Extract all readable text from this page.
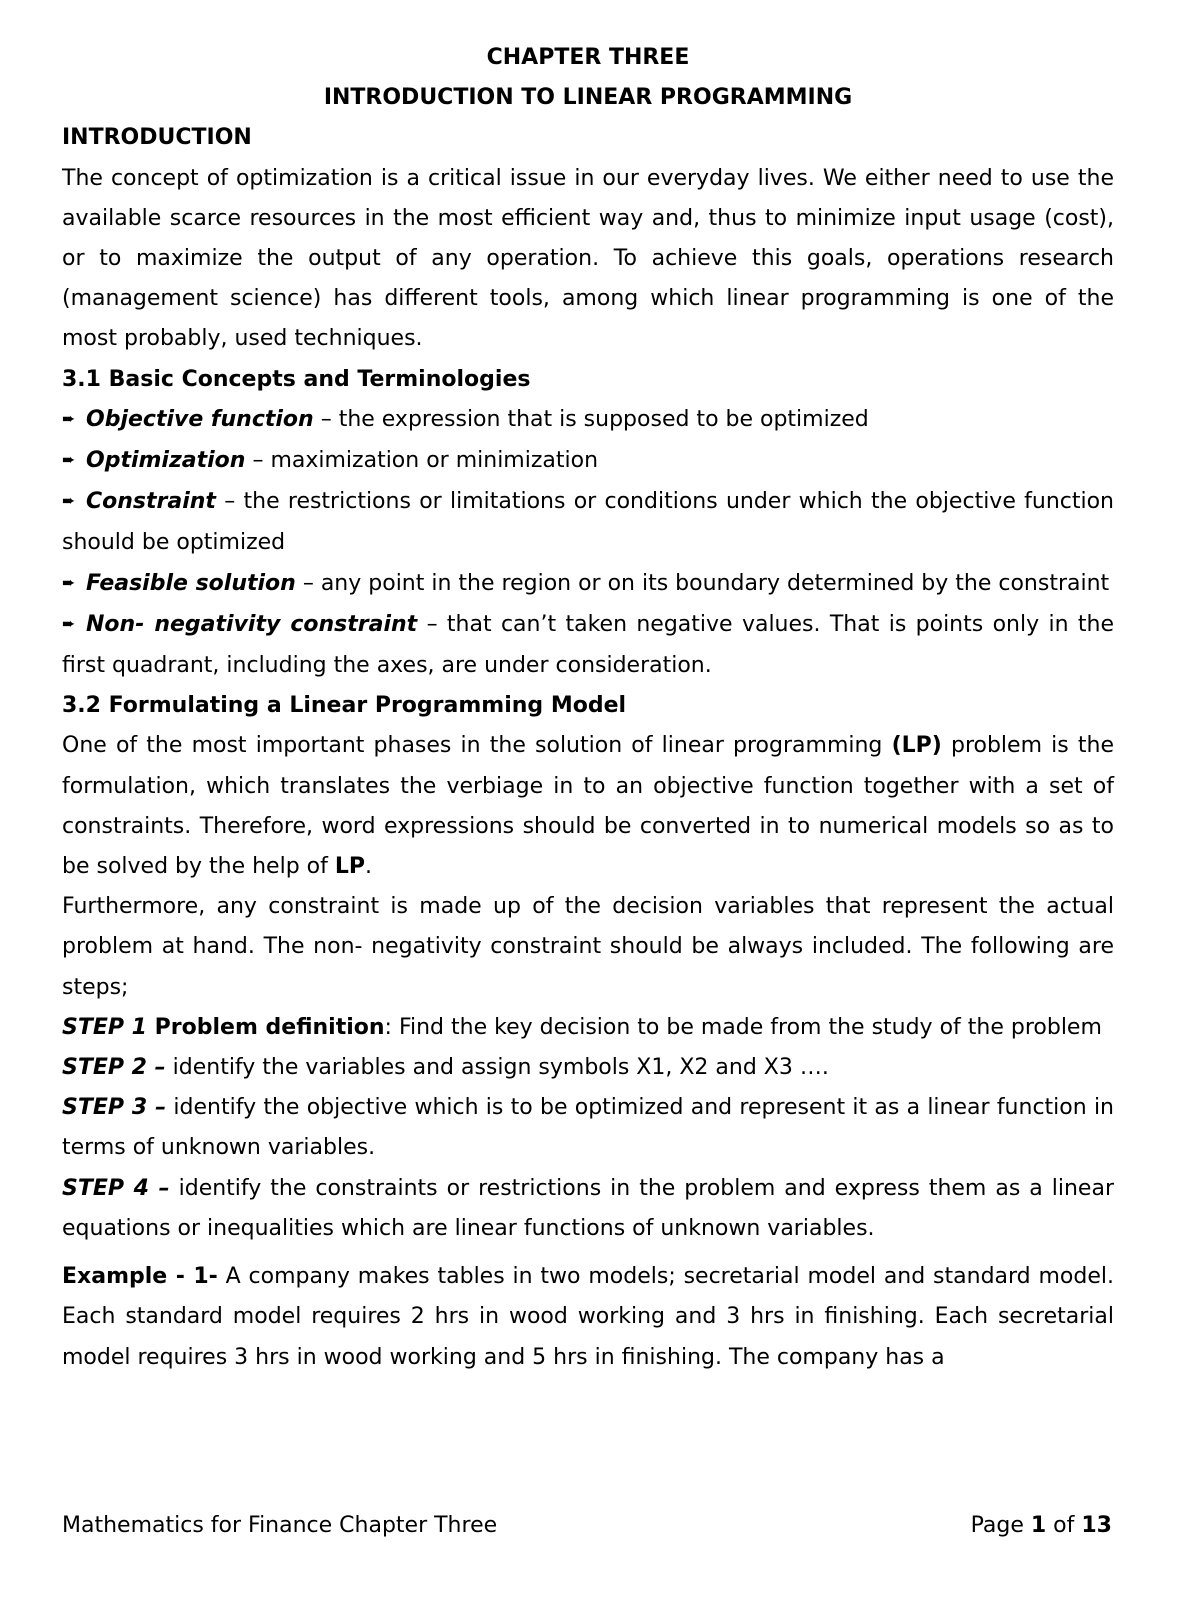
CHAPTER THREE

INTRODUCTION TO LINEAR PROGRAMMING

INTRODUCTION

The concept of optimization is a critical issue in our everyday lives. We either need to use the available scarce resources in the most efficient way and, thus to minimize input usage (cost), or to maximize the output of any operation. To achieve this goals, operations research (management science) has different tools, among which linear programming is one of the most probably, used techniques.

3.1 Basic Concepts and Terminologies

➨ Objective function – the expression that is supposed to be optimized

➨ Optimization – maximization or minimization

➨ Constraint – the restrictions or limitations or conditions under which the objective function should be optimized

➨ Feasible solution – any point in the region or on its boundary determined by the constraint

➨ Non- negativity constraint – that can’t taken negative values. That is points only in the first quadrant, including the axes, are under consideration.

3.2 Formulating a Linear Programming Model

One of the most important phases in the solution of linear programming (LP) problem is the formulation, which translates the verbiage in to an objective function together with a set of constraints. Therefore, word expressions should be converted in to numerical models so as to be solved by the help of LP.

Furthermore, any constraint is made up of the decision variables that represent the actual problem at hand. The non- negativity constraint should be always included. The following are steps;

STEP 1 Problem definition: Find the key decision to be made from the study of the problem

STEP 2 – identify the variables and assign symbols X1, X2 and X3 ….

STEP 3 – identify the objective which is to be optimized and represent it as a linear function in terms of unknown variables.

STEP 4 – identify the constraints or restrictions in the problem and express them as a linear equations or inequalities which are linear functions of unknown variables.

Example - 1- A company makes tables in two models; secretarial model and standard model. Each standard model requires 2 hrs in wood working and 3 hrs in finishing. Each secretarial model requires 3 hrs in wood working and 5 hrs in finishing. The company has a

Mathematics for Finance Chapter Three	Page 1 of 13
